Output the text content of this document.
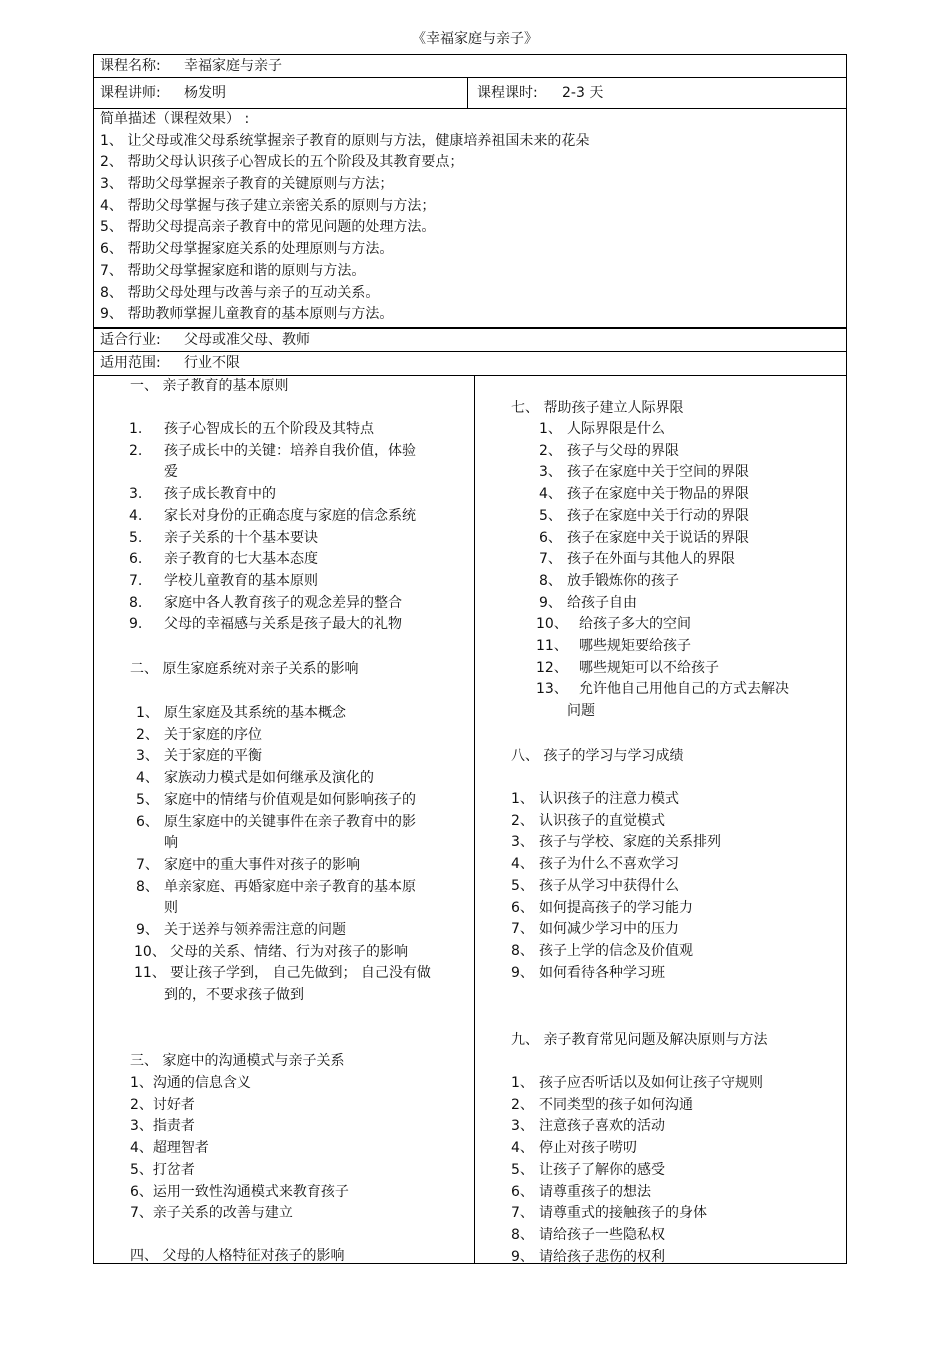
《幸福家庭与亲子》
课程名称: 幸福家庭与亲子
课程讲师: 杨发明	课程课时: 2-3 天
简单描述（课程效果） :
1、 让父母或准父母系统掌握亲子教育的原则与方法，健康培养祖国未来的花朵
2、 帮助父母认识孩子心智成长的五个阶段及其教育要点；
3、 帮助父母掌握亲子教育的关键原则与方法；
4、 帮助父母掌握与孩子建立亲密关系的原则与方法；
5、 帮助父母提高亲子教育中的常见问题的处理方法。
6、 帮助父母掌握家庭关系的处理原则与方法。
7、 帮助父母掌握家庭和谐的原则与方法。
8、 帮助父母处理与改善与亲子的互动关系。
9、 帮助教师掌握儿童教育的基本原则与方法。
适合行业: 父母或准父母、教师
适用范围: 行业不限
一、 亲子教育的基本原则
1.	孩子心智成长的五个阶段及其特点
2.	孩子成长中的关键：培养自我价值，体验
爱
3.	孩子成长教育中的
4.	家长对身份的正确态度与家庭的信念系统
5.	亲子关系的十个基本要诀
6.	亲子教育的七大基本态度
7.	学校儿童教育的基本原则
8.	家庭中各人教育孩子的观念差异的整合
9.	父母的幸福感与关系是孩子最大的礼物
二、 原生家庭系统对亲子关系的影响
1、 原生家庭及其系统的基本概念
2、 关于家庭的序位
3、 关于家庭的平衡
4、 家族动力模式是如何继承及演化的
5、 家庭中的情绪与价值观是如何影响孩子的
6、 原生家庭中的关键事件在亲子教育中的影
响
7、 家庭中的重大事件对孩子的影响
8、 单亲家庭、再婚家庭中亲子教育的基本原
则
9、 关于送养与领养需注意的问题
10、 父母的关系、情绪、行为对孩子的影响
11、 要让孩子学到， 自己先做到； 自己没有做
到的，不要求孩子做到
三、 家庭中的沟通模式与亲子关系
1、沟通的信息含义
2、讨好者
3、指责者
4、超理智者
5、打岔者
6、运用一致性沟通模式来教育孩子
7、亲子关系的改善与建立
四、 父母的人格特征对孩子的影响
七、 帮助孩子建立人际界限
1、 人际界限是什么
2、 孩子与父母的界限
3、 孩子在家庭中关于空间的界限
4、 孩子在家庭中关于物品的界限
5、 孩子在家庭中关于行动的界限
6、 孩子在家庭中关于说话的界限
7、 孩子在外面与其他人的界限
8、 放手锻炼你的孩子
9、 给孩子自由
10、 给孩子多大的空间
11、 哪些规矩要给孩子
12、 哪些规矩可以不给孩子
13、 允许他自己用他自己的方式去解决
问题
八、 孩子的学习与学习成绩
1、 认识孩子的注意力模式
2、 认识孩子的直觉模式
3、 孩子与学校、家庭的关系排列
4、 孩子为什么不喜欢学习
5、 孩子从学习中获得什么
6、 如何提高孩子的学习能力
7、 如何减少学习中的压力
8、 孩子上学的信念及价值观
9、 如何看待各种学习班
九、 亲子教育常见问题及解决原则与方法
1、 孩子应否听话以及如何让孩子守规则
2、 不同类型的孩子如何沟通
3、 注意孩子喜欢的活动
4、 停止对孩子唠叨
5、 让孩子了解你的感受
6、 请尊重孩子的想法
7、 请尊重式的接触孩子的身体
8、 请给孩子一些隐私权
9、 请给孩子悲伤的权利
